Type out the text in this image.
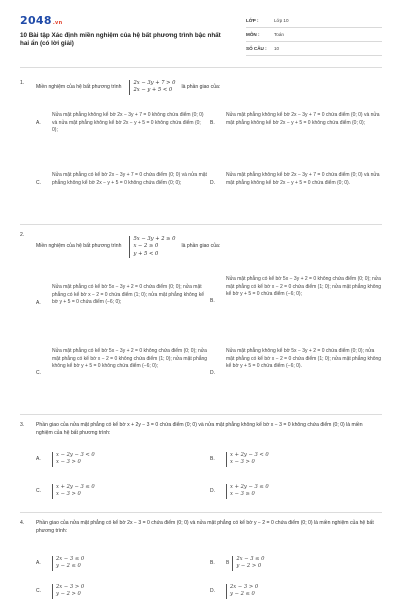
2048.vn
10 Bài tập Xác định miền nghiệm của hệ bất phương trình bậc nhất hai ẩn (có lời giải)
LỚP :	Lớp 10
MÔN :	Toán
SỐ CÂU :	10
1.
Miền nghiệm của hệ bất phương trình
2x − 3y + 7 > 0
2x − y + 5 < 0
là phần giao của:
A.
Nửa mặt phẳng không kể bờ 2x − 3y + 7 = 0 không chứa điểm (0; 0) và nửa mặt phẳng không kể bờ 2x − y + 5 = 0 không chứa điểm (0; 0);
B.
Nửa mặt phẳng không kể bờ 2x − 3y + 7 = 0 chứa điểm (0; 0) và nửa mặt phẳng không kể bờ 2x − y + 5 = 0 không chứa điểm (0; 0);
C.
Nửa mặt phẳng có kể bờ 2x − 3y + 7 = 0 chứa điểm (0; 0) và nửa mặt phẳng không kể bờ 2x − y + 5 = 0 không chứa điểm (0; 0);	D.
Nửa mặt phẳng không kể bờ 2x − 3y + 7 = 0 chứa điểm (0; 0) và nửa mặt phẳng không kể bờ 2x − y + 5 = 0 chứa điểm (0; 0).
2.
Miền nghiệm của hệ bất phương trình
5x − 3y + 2 ≥ 0
x − 2 ≥ 0
y + 5 < 0
là phần giao của:
A.
Nửa mặt phẳng có kể bờ 5x − 3y + 2 = 0 chứa điểm (0; 0); nửa mặt phẳng có kể bờ x − 2 = 0 chứa điểm (1; 0); nửa mặt phẳng không kể bờ y + 5 = 0 chứa điểm (−6; 0);	B.
Nửa mặt phẳng có kể bờ 5x − 3y + 2 = 0 không chứa điểm (0; 0); nửa mặt phẳng có kể bờ x − 2 = 0 chứa điểm (1; 0); nửa mặt phẳng không kể bờ y + 5 = 0 chứa điểm (−6; 0);
C.
Nửa mặt phẳng có kể bờ 5x − 3y + 2 = 0 không chứa điểm (0; 0); nửa mặt phẳng có kể bờ x − 2 = 0 không chứa điểm (1; 0); nửa mặt phẳng không kể bờ y + 5 = 0 không chứa điểm (−6; 0);
D.
Nửa mặt phẳng không kể bờ 5x − 3y + 2 = 0 chứa điểm (0; 0); nửa mặt phẳng có kể bờ x − 2 = 0 chứa điểm (1; 0); nửa mặt phẳng không kể bờ y + 5 = 0 chứa điểm (−6; 0).
3. Phần giao của nửa mặt phẳng có kể bờ x + 2y − 3 = 0 chứa điểm (0; 0) và nửa mặt phẳng không kể bờ x − 3 = 0 không chứa điểm (0; 0) là miền nghiệm của hệ bất phương trình:
A.
x − 2y − 3 < 0
x − 3 > 0
B.
x + 2y − 3 < 0
x − 3 > 0
C.
x + 2y − 3 ≤ 0
x − 3 > 0
D.
x + 2y − 3 ≤ 0
x − 3 ≥ 0
4. Phần giao của nửa mặt phẳng có kể bờ 2x − 3 = 0 chứa điểm (0; 0) và nửa mặt phẳng có kể bờ y − 2 = 0 chứa điểm (0; 0) là miền nghiệm của hệ bất phương trình:
A.
2x − 3 ≤ 0
y − 2 ≤ 0
B. B
2x − 3 ≤ 0
y − 2 > 0
C.
2x − 3 > 0
y − 2 > 0
D.
2x − 3 > 0
y − 2 ≤ 0
